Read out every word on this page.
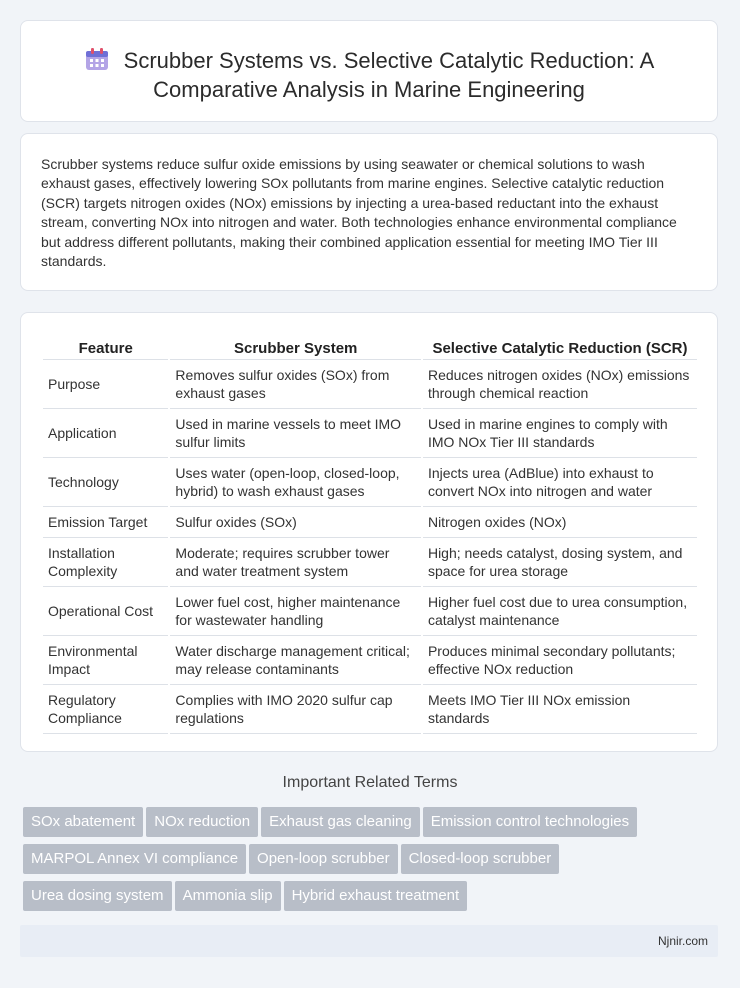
Scrubber Systems vs. Selective Catalytic Reduction: A
Comparative Analysis in Marine Engineering
Scrubber systems reduce sulfur oxide emissions by using seawater or chemical solutions to wash exhaust gases, effectively lowering SOx pollutants from marine engines. Selective catalytic reduction (SCR) targets nitrogen oxides (NOx) emissions by injecting a urea-based reductant into the exhaust stream, converting NOx into nitrogen and water. Both technologies enhance environmental compliance but address different pollutants, making their combined application essential for meeting IMO Tier III standards.
Feature	Scrubber System	Selective Catalytic Reduction (SCR)
Purpose	Removes sulfur oxides (SOx) from exhaust gases	Reduces nitrogen oxides (NOx) emissions through chemical reaction
Application	Used in marine vessels to meet IMO sulfur limits	Used in marine engines to comply with IMO NOx Tier III standards
Technology	Uses water (open-loop, closed-loop, hybrid) to wash exhaust gases	Injects urea (AdBlue) into exhaust to convert NOx into nitrogen and water
Emission Target	Sulfur oxides (SOx)	Nitrogen oxides (NOx)
Installation Complexity	Moderate; requires scrubber tower and water treatment system	High; needs catalyst, dosing system, and space for urea storage
Operational Cost	Lower fuel cost, higher maintenance for wastewater handling	Higher fuel cost due to urea consumption, catalyst maintenance
Environmental Impact	Water discharge management critical; may release contaminants	Produces minimal secondary pollutants; effective NOx reduction
Regulatory Compliance	Complies with IMO 2020 sulfur cap regulations	Meets IMO Tier III NOx emission standards
Important Related Terms
SOx abatement NOx reduction Exhaust gas cleaning Emission control technologies
MARPOL Annex VI compliance Open-loop scrubber Closed-loop scrubber
Urea dosing system Ammonia slip Hybrid exhaust treatment
Njnir.com
